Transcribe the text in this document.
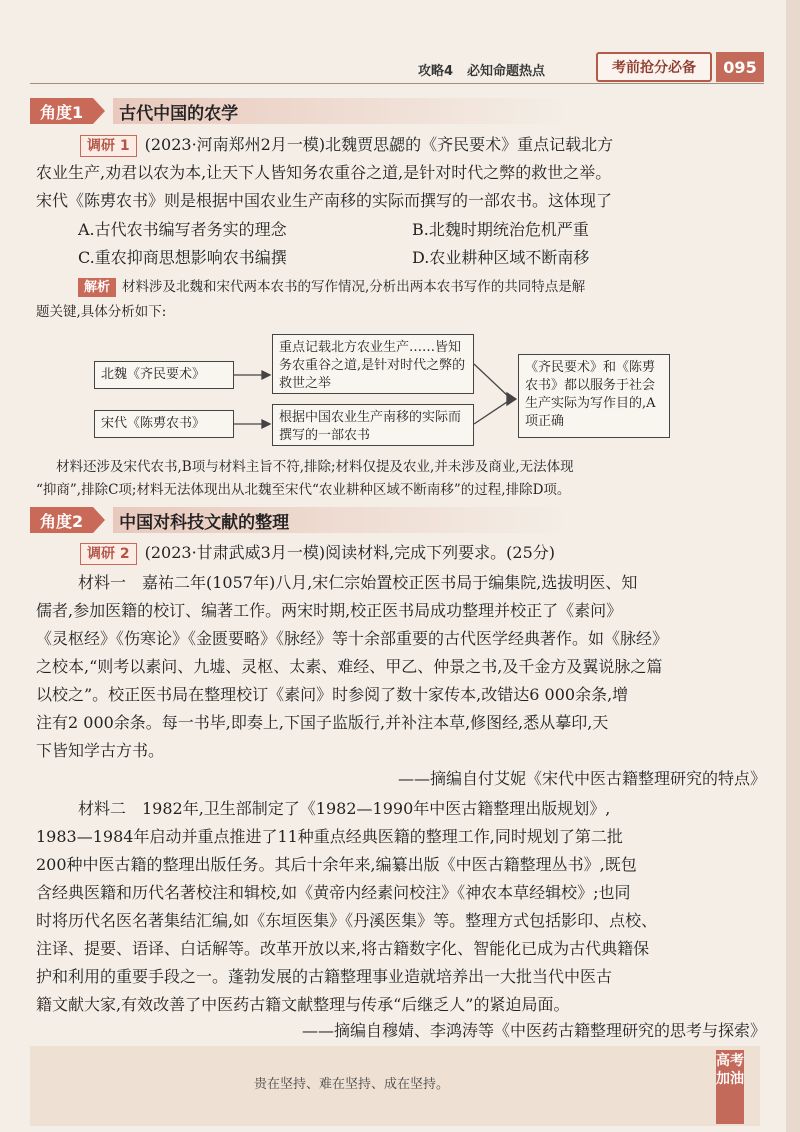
攻略4 必知命题热点	考前抢分必备	095
角度1	古代中国的农学
调研 1 (2023·河南郑州2月一模)北魏贾思勰的《齐民要术》重点记载北方
农业生产,劝君以农为本,让天下人皆知务农重谷之道,是针对时代之弊的救世之举。
宋代《陈旉农书》则是根据中国农业生产南移的实际而撰写的一部农书。这体现了
A.古代农书编写者务实的理念	B.北魏时期统治危机严重
C.重农抑商思想影响农书编撰	D.农业耕种区域不断南移
解析 材料涉及北魏和宋代两本农书的写作情况,分析出两本农书写作的共同特点是解
题关键,具体分析如下:
北魏《齐民要术》
宋代《陈旉农书》
重点记载北方农业生产……皆知务农重谷之道,是针对时代之弊的救世之举
根据中国农业生产南移的实际而撰写的一部农书
《齐民要术》和《陈旉农书》都以服务于社会生产实际为写作目的,A项正确
材料还涉及宋代农书,B项与材料主旨不符,排除;材料仅提及农业,并未涉及商业,无法体现
“抑商”,排除C项;材料无法体现出从北魏至宋代“农业耕种区域不断南移”的过程,排除D项。
角度2	中国对科技文献的整理
调研 2 (2023·甘肃武威3月一模)阅读材料,完成下列要求。(25分)
材料一　嘉祐二年(1057年)八月,宋仁宗始置校正医书局于编集院,选拔明医、知
儒者,参加医籍的校订、编著工作。两宋时期,校正医书局成功整理并校正了《素问》
《灵枢经》《伤寒论》《金匮要略》《脉经》等十余部重要的古代医学经典著作。如《脉经》
之校本,“则考以素问、九墟、灵枢、太素、难经、甲乙、仲景之书,及千金方及翼说脉之篇
以校之”。校正医书局在整理校订《素问》时参阅了数十家传本,改错达6 000余条,增
注有2 000余条。每一书毕,即奏上,下国子监版行,并补注本草,修图经,悉从摹印,天
下皆知学古方书。
——摘编自付艾妮《宋代中医古籍整理研究的特点》
材料二　1982年,卫生部制定了《1982—1990年中医古籍整理出版规划》,
1983—1984年启动并重点推进了11种重点经典医籍的整理工作,同时规划了第二批
200种中医古籍的整理出版任务。其后十余年来,编纂出版《中医古籍整理丛书》,既包
含经典医籍和历代名著校注和辑校,如《黄帝内经素问校注》《神农本草经辑校》;也同
时将历代名医名著集结汇编,如《东垣医集》《丹溪医集》等。整理方式包括影印、点校、
注译、提要、语译、白话解等。改革开放以来,将古籍数字化、智能化已成为古代典籍保
护和利用的重要手段之一。蓬勃发展的古籍整理事业造就培养出一大批当代中医古
籍文献大家,有效改善了中医药古籍文献整理与传承“后继乏人”的紧迫局面。
——摘编自穆婧、李鸿涛等《中医药古籍整理研究的思考与探索》
贵在坚持、难在坚持、成在坚持。
高考加油
